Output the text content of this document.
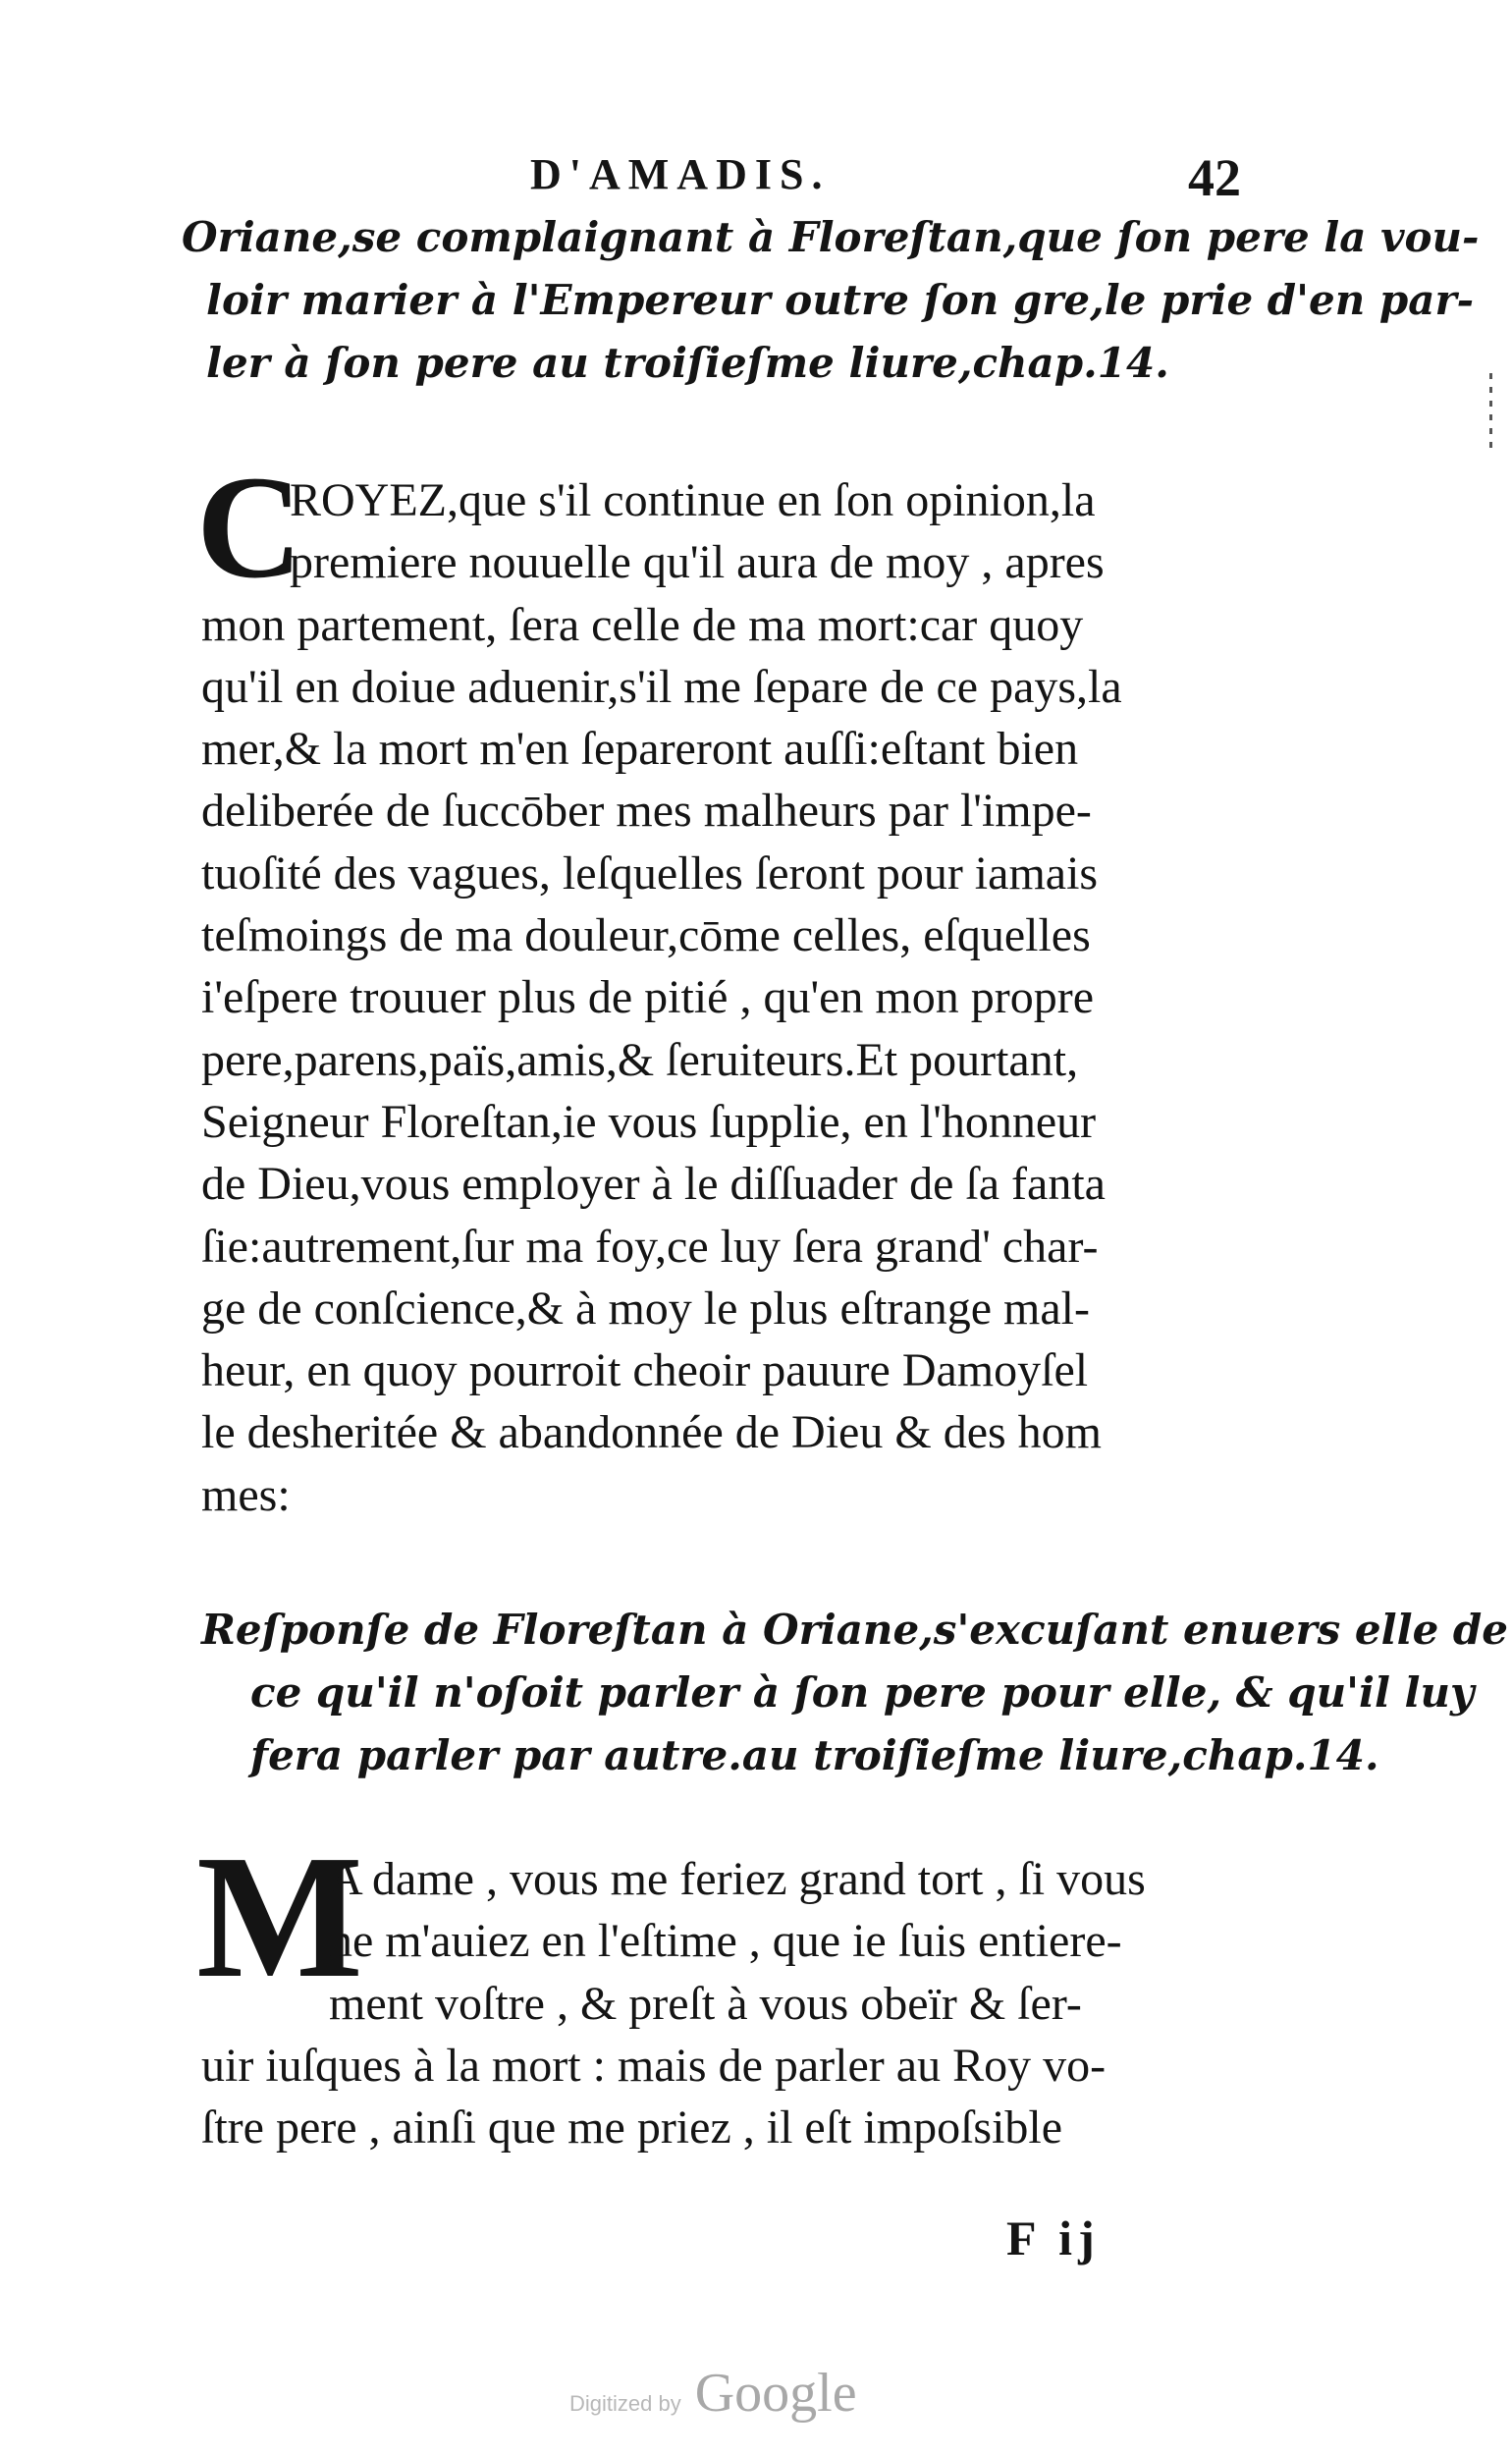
D'AMADIS.	42
Oriane,se complaignant à Floreſtan,que ſon pere la vou-
loir marier à l'Empereur outre ſon gre,le prie d'en par-
ler à ſon pere au troiſieſme liure,chap.14.
C
ROYEZ,que s'il continue en ſon opinion,la
premiere nouuelle qu'il aura de moy , apres
mon partement, ſera celle de ma mort:car quoy
qu'il en doiue aduenir,s'il me ſepare de ce pays,la
mer,& la mort m'en ſepareront auſſi:eſtant bien
deliberée de ſuccōber mes malheurs par l'impe-
tuoſité des vagues, leſquelles ſeront pour iamais
teſmoings de ma douleur,cōme celles, eſquelles
i'eſpere trouuer plus de pitié , qu'en mon propre
pere,parens,païs,amis,& ſeruiteurs.Et pourtant,
Seigneur Floreſtan,ie vous ſupplie, en l'honneur
de Dieu,vous employer à le diſſuader de ſa fanta
ſie:autrement,ſur ma foy,ce luy ſera grand' char-
ge de conſcience,& à moy le plus eſtrange mal-
heur, en quoy pourroit cheoir pauure Damoyſel
le desheritée & abandonnée de Dieu & des hom
mes:
Reſponſe de Floreſtan à Oriane,s'excuſant enuers elle de
ce qu'il n'oſoit parler à ſon pere pour elle, & qu'il luy
fera parler par autre.au troiſieſme liure,chap.14.
M
A dame , vous me feriez grand tort , ſi vous
ne m'auiez en l'eſtime , que ie ſuis entiere-
ment voſtre , & preſt à vous obeïr & ſer-
uir iuſques à la mort : mais de parler au Roy vo-
ſtre pere , ainſi que me priez , il eſt impoſsible
F ij
Digitized by Google
